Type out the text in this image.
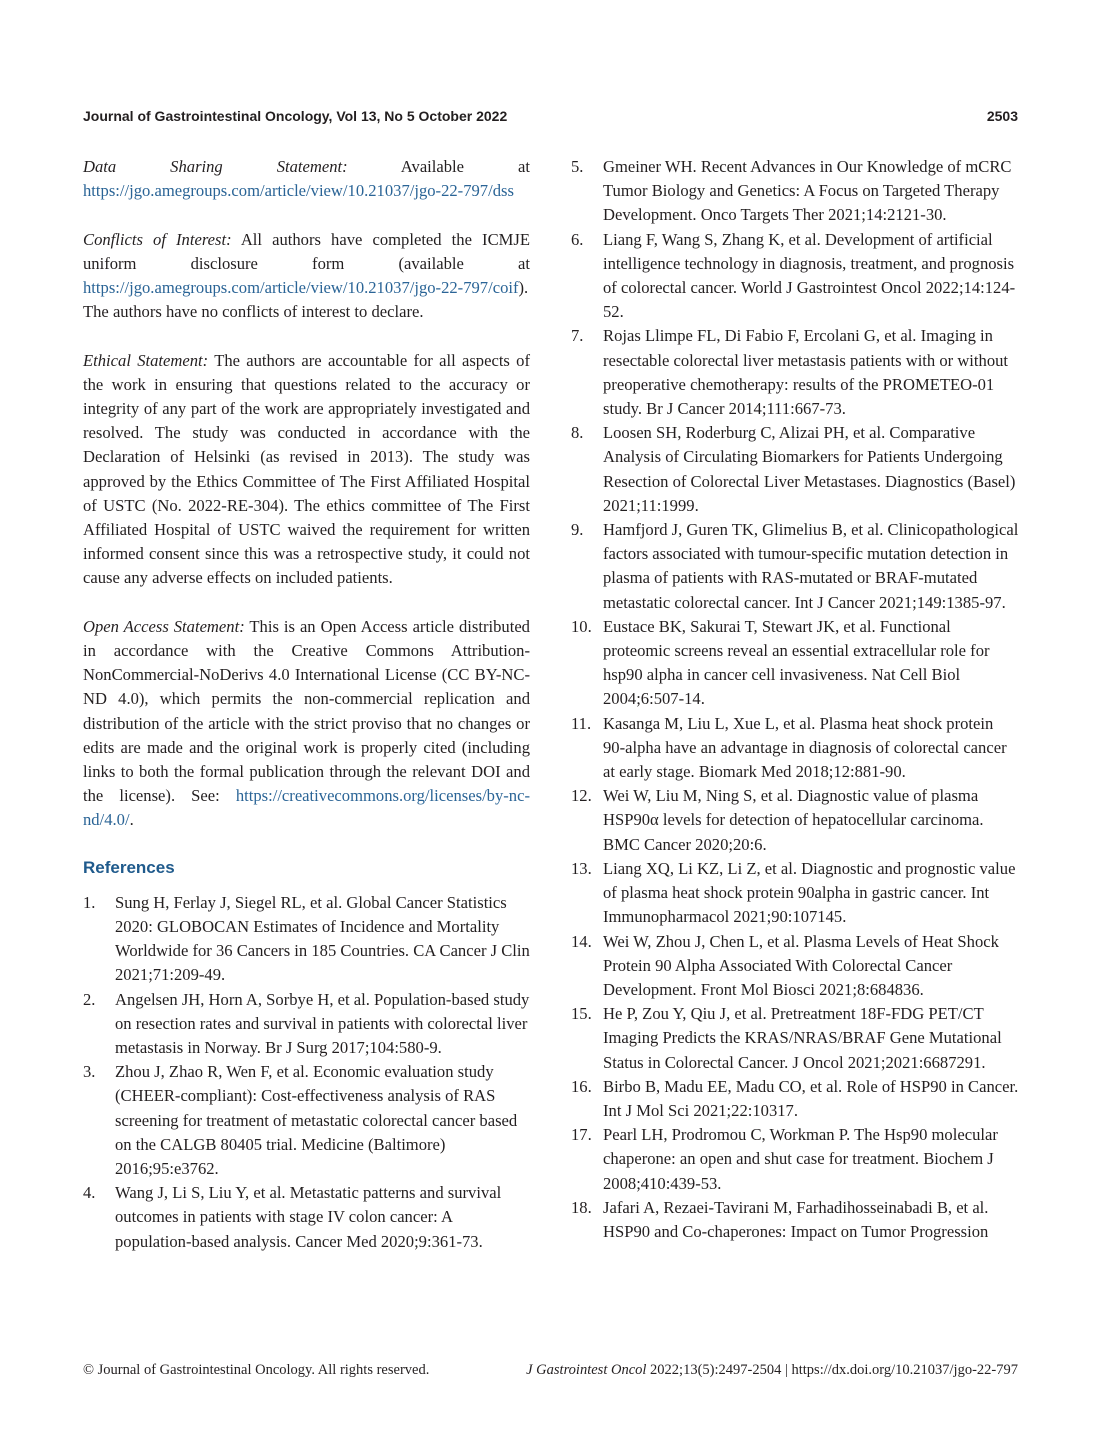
Journal of Gastrointestinal Oncology, Vol 13, No 5 October 2022	2503

Data Sharing Statement:	Available at https://jgo.amegroups.com/article/view/10.21037/jgo-22-797/dss

Conflicts of Interest: All authors have completed the ICMJE uniform disclosure form (available at https://jgo.amegroups.com/article/view/10.21037/jgo-22-797/coif). The authors have no conflicts of interest to declare.

Ethical Statement: The authors are accountable for all aspects of the work in ensuring that questions related to the accuracy or integrity of any part of the work are appropriately investigated and resolved. The study was conducted in accordance with the Declaration of Helsinki (as revised in 2013). The study was approved by the Ethics Committee of The First Affiliated Hospital of USTC (No. 2022-RE-304). The ethics committee of The First Affiliated Hospital of USTC waived the requirement for written informed consent since this was a retrospective study, it could not cause any adverse effects on included patients.

Open Access Statement: This is an Open Access article distributed in accordance with the Creative Commons Attribution-NonCommercial-NoDerivs 4.0 International License (CC BY-NC-ND 4.0), which permits the non-commercial replication and distribution of the article with the strict proviso that no changes or edits are made and the original work is properly cited (including links to both the formal publication through the relevant DOI and the license). See: https://creativecommons.org/licenses/by-nc-nd/4.0/.

References

1. Sung H, Ferlay J, Siegel RL, et al. Global Cancer Statistics 2020: GLOBOCAN Estimates of Incidence and Mortality Worldwide for 36 Cancers in 185 Countries. CA Cancer J Clin 2021;71:209-49.

2. Angelsen JH, Horn A, Sorbye H, et al. Population-based study on resection rates and survival in patients with colorectal liver metastasis in Norway. Br J Surg 2017;104:580-9.

3. Zhou J, Zhao R, Wen F, et al. Economic evaluation study (CHEER-compliant): Cost-effectiveness analysis of RAS screening for treatment of metastatic colorectal cancer based on the CALGB 80405 trial. Medicine (Baltimore) 2016;95:e3762.

4. Wang J, Li S, Liu Y, et al. Metastatic patterns and survival outcomes in patients with stage IV colon cancer: A population-based analysis. Cancer Med 2020;9:361-73.

5. Gmeiner WH. Recent Advances in Our Knowledge of mCRC Tumor Biology and Genetics: A Focus on Targeted Therapy Development. Onco Targets Ther 2021;14:2121-30.

6. Liang F, Wang S, Zhang K, et al. Development of artificial intelligence technology in diagnosis, treatment, and prognosis of colorectal cancer. World J Gastrointest Oncol 2022;14:124-52.

7. Rojas Llimpe FL, Di Fabio F, Ercolani G, et al. Imaging in resectable colorectal liver metastasis patients with or without preoperative chemotherapy: results of the PROMETEO-01 study. Br J Cancer 2014;111:667-73.

8. Loosen SH, Roderburg C, Alizai PH, et al. Comparative Analysis of Circulating Biomarkers for Patients Undergoing Resection of Colorectal Liver Metastases. Diagnostics (Basel) 2021;11:1999.

9. Hamfjord J, Guren TK, Glimelius B, et al. Clinicopathological factors associated with tumour-specific mutation detection in plasma of patients with RAS-mutated or BRAF-mutated metastatic colorectal cancer. Int J Cancer 2021;149:1385-97.

10. Eustace BK, Sakurai T, Stewart JK, et al. Functional proteomic screens reveal an essential extracellular role for hsp90 alpha in cancer cell invasiveness. Nat Cell Biol 2004;6:507-14.

11. Kasanga M, Liu L, Xue L, et al. Plasma heat shock protein 90-alpha have an advantage in diagnosis of colorectal cancer at early stage. Biomark Med 2018;12:881-90.

12. Wei W, Liu M, Ning S, et al. Diagnostic value of plasma HSP90α levels for detection of hepatocellular carcinoma. BMC Cancer 2020;20:6.

13. Liang XQ, Li KZ, Li Z, et al. Diagnostic and prognostic value of plasma heat shock protein 90alpha in gastric cancer. Int Immunopharmacol 2021;90:107145.

14. Wei W, Zhou J, Chen L, et al. Plasma Levels of Heat Shock Protein 90 Alpha Associated With Colorectal Cancer Development. Front Mol Biosci 2021;8:684836.

15. He P, Zou Y, Qiu J, et al. Pretreatment 18F-FDG PET/CT Imaging Predicts the KRAS/NRAS/BRAF Gene Mutational Status in Colorectal Cancer. J Oncol 2021;2021:6687291.

16. Birbo B, Madu EE, Madu CO, et al. Role of HSP90 in Cancer. Int J Mol Sci 2021;22:10317.

17. Pearl LH, Prodromou C, Workman P. The Hsp90 molecular chaperone: an open and shut case for treatment. Biochem J 2008;410:439-53.

18. Jafari A, Rezaei-Tavirani M, Farhadihosseinabadi B, et al. HSP90 and Co-chaperones: Impact on Tumor Progression

© Journal of Gastrointestinal Oncology. All rights reserved.	J Gastrointest Oncol 2022;13(5):2497-2504 | https://dx.doi.org/10.21037/jgo-22-797
